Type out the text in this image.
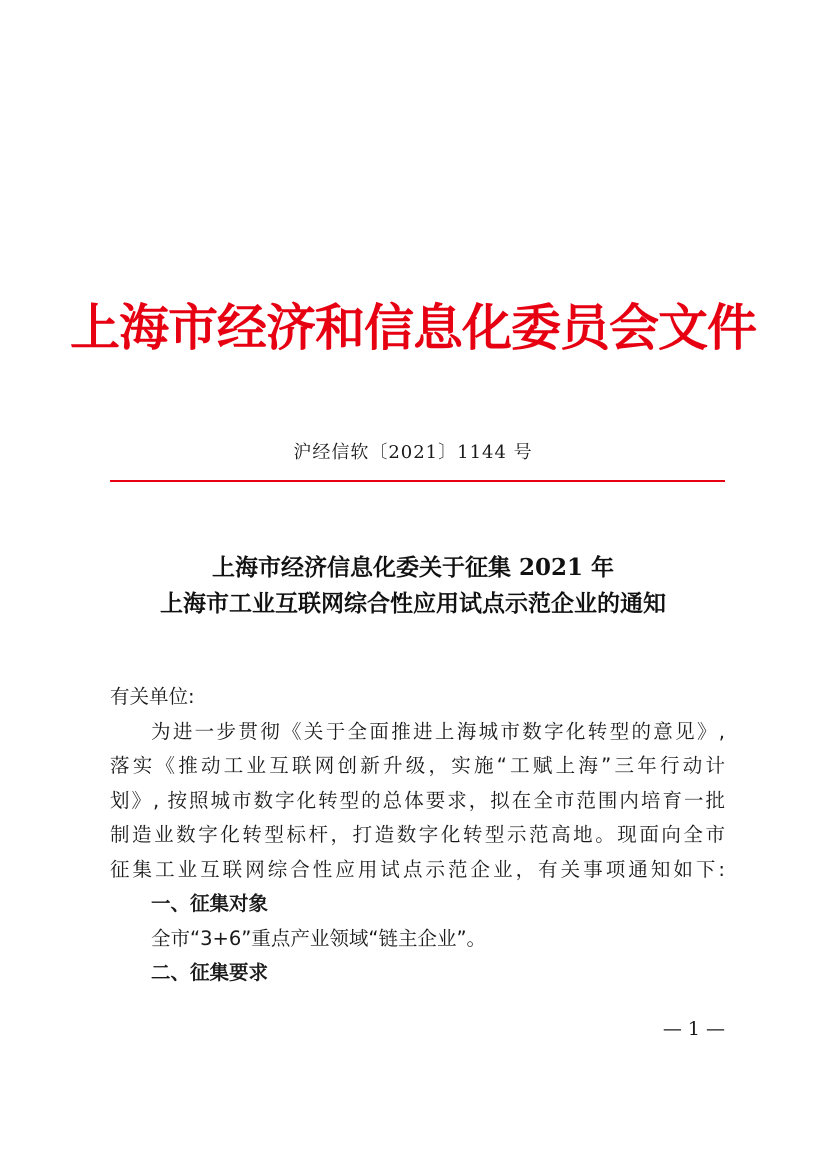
上海市经济和信息化委员会文件
沪经信软〔2021〕1144 号
上海市经济信息化委关于征集 2021 年
上海市工业互联网综合性应用试点示范企业的通知
有关单位:
为进一步贯彻《关于全面推进上海城市数字化转型的意见》,
落实《推动工业互联网创新升级，实施“工赋上海”三年行动计
划》, 按照城市数字化转型的总体要求，拟在全市范围内培育一批
制造业数字化转型标杆，打造数字化转型示范高地。现面向全市
征集工业互联网综合性应用试点示范企业，有关事项通知如下:
一、征集对象
全市“3+6”重点产业领域“链主企业”。
二、征集要求
— 1 —
